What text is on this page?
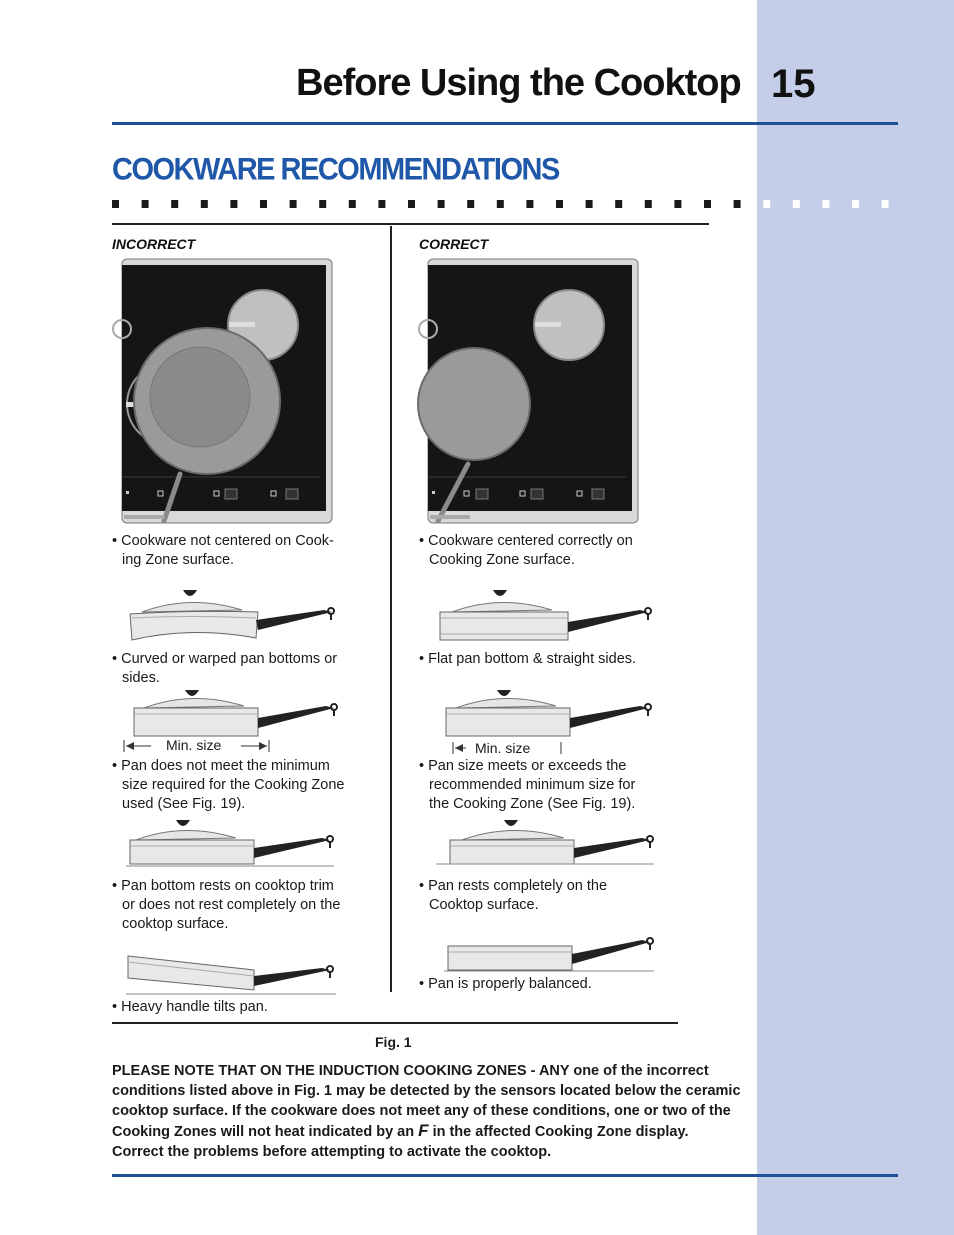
Before Using the Cooktop 15
COOKWARE RECOMMENDATIONS
INCORRECT	CORRECT
• Cookware not centered on Cook-
ing Zone surface.
• Cookware centered correctly on
Cooking Zone surface.
• Curved or warped pan bottoms or
sides.
• Flat pan bottom & straight sides.
Min. size	Min. size
• Pan does not meet the minimum
size required for the Cooking Zone
used (See Fig. 19).
• Pan size meets or exceeds the
recommended minimum size for
the Cooking Zone (See Fig. 19).
• Pan bottom rests on cooktop trim
or does not rest completely on the
cooktop surface.
• Pan rests completely on the
Cooktop surface.
• Pan is properly balanced.
• Heavy handle tilts pan.
Fig. 1
PLEASE NOTE THAT ON THE INDUCTION COOKING ZONES - ANY one of the incorrect conditions listed above in Fig. 1 may be detected by the sensors located below the ceramic cooktop surface. If the cookware does not meet any of these conditions, one or two of the Cooking Zones will not heat indicated by an F in the affected Cooking Zone display. Correct the problems before attempting to activate the cooktop.
